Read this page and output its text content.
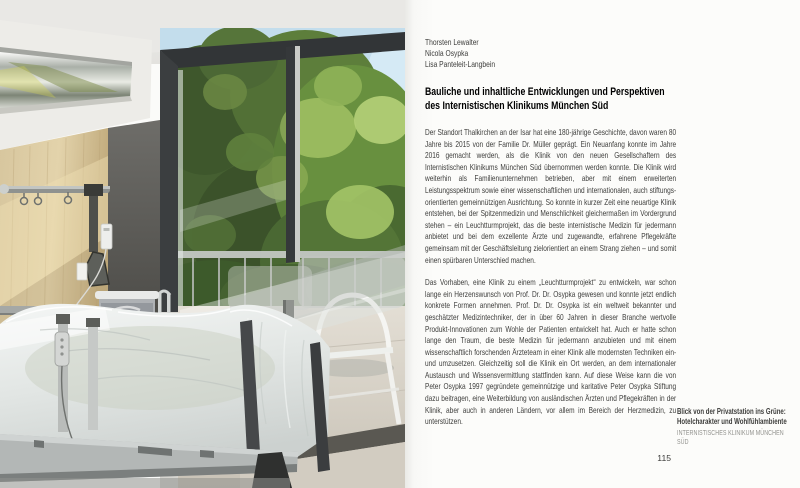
Thorsten Lewalter
Nicola Osypka
Lisa Panteleit-Langbein
Bauliche und inhaltliche Entwicklungen und Perspektiven
des Internistischen Klinikums München Süd

Der Standort Thalkirchen an der Isar hat eine 180-jährige Geschichte, davon waren 80 Jahre bis 2015 von der Familie Dr. Müller geprägt. Ein Neuanfang konnte im Jahre 2016 gemacht werden, als die Klinik von den neuen Gesellschaftern des Internistischen Klinikums München Süd übernommen werden konnte. Die Klinik wird weiterhin als Familienunternehmen betrieben, aber mit einem erweiterten Leistungsspektrum sowie einer wissenschaftlichen und internationalen, auch stiftungs-orientierten gemeinnützigen Ausrichtung. So konnte in kurzer Zeit eine neuartige Klinik entstehen, bei der Spitzenmedizin und Menschlichkeit gleichermaßen im Vordergrund stehen – ein Leuchtturmprojekt, das die beste internistische Medizin für jedermann anbietet und bei dem exzellente Ärzte und zugewandte, erfahrene Pflegekräfte gemeinsam mit der Geschäftsleitung zielorientiert an einem Strang ziehen – und somit einen spürbaren Unterschied machen.

Das Vorhaben, eine Klinik zu einem „Leuchtturmprojekt“ zu entwickeln, war schon lange ein Herzenswunsch von Prof. Dr. Dr. Osypka gewesen und konnte jetzt endlich konkrete Formen annehmen. Prof. Dr. Dr. Osypka ist ein weltweit bekannter und geschätzter Medizintechniker, der in über 60 Jahren in dieser Branche wertvolle Produkt-Innovationen zum Wohle der Patienten entwickelt hat. Auch er hatte schon lange den Traum, die beste Medizin für jedermann anzubieten und mit einem wissenschaftlich forschenden Ärzteteam in einer Klinik alle modernsten Techniken ein- und umzusetzen. Gleichzeitig soll die Klinik ein Ort werden, an dem internationaler Austausch und Wissensvermittlung stattfinden kann. Auf diese Weise kann die von Peter Osypka 1997 gegründete gemeinnützige und karitative Peter Osypka Stiftung dazu beitragen, eine Weiterbildung von ausländischen Ärzten und Pflegekräften in der Klinik, aber auch in anderen Ländern, vor allem im Bereich der Herzmedizin, zu unterstützen.

Blick von der Privatstation ins Grüne:
Hotelcharakter und Wohlfühlambiente
INTERNISTISCHES KLINIKUM MÜNCHEN SÜD
115
